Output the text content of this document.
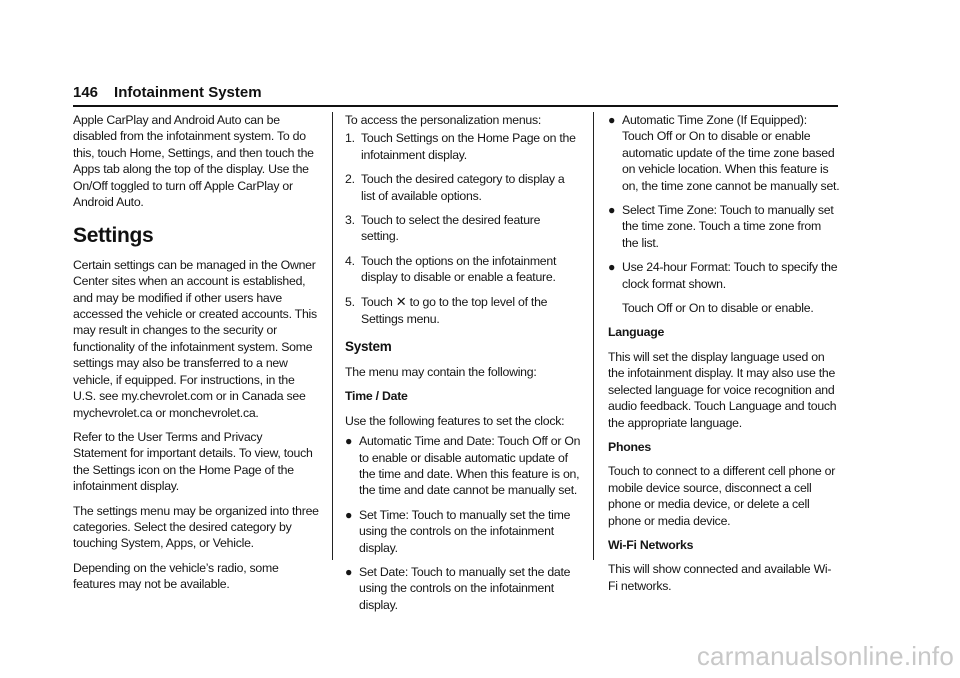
146 Infotainment System

Apple CarPlay and Android Auto can be disabled from the infotainment system. To do this, touch Home, Settings, and then touch the Apps tab along the top of the display. Use the On/Off toggled to turn off Apple CarPlay or Android Auto.

Settings

Certain settings can be managed in the Owner Center sites when an account is established, and may be modified if other users have accessed the vehicle or created accounts. This may result in changes to the security or functionality of the infotainment system. Some settings may also be transferred to a new vehicle, if equipped. For instructions, in the U.S. see my.chevrolet.com or in Canada see mychevrolet.ca or monchevrolet.ca.

Refer to the User Terms and Privacy Statement for important details. To view, touch the Settings icon on the Home Page of the infotainment display.

The settings menu may be organized into three categories. Select the desired category by touching System, Apps, or Vehicle.

Depending on the vehicle’s radio, some features may not be available.

To access the personalization menus:

1. Touch Settings on the Home Page on the infotainment display.
2. Touch the desired category to display a list of available options.
3. Touch to select the desired feature setting.
4. Touch the options on the infotainment display to disable or enable a feature.
5. Touch ✕ to go to the top level of the Settings menu.
System

The menu may contain the following:

Time / Date

Use the following features to set the clock:

● Automatic Time and Date: Touch Off or On to enable or disable automatic update of the time and date. When this feature is on, the time and date cannot be manually set.
● Set Time: Touch to manually set the time using the controls on the infotainment display.
● Set Date: Touch to manually set the date using the controls on the infotainment display.
● Automatic Time Zone (If Equipped): Touch Off or On to disable or enable automatic update of the time zone based on vehicle location. When this feature is on, the time zone cannot be manually set.
● Select Time Zone: Touch to manually set the time zone. Touch a time zone from the list.
● Use 24-hour Format: Touch to specify the clock format shown.

Touch Off or On to disable or enable.

Language

This will set the display language used on the infotainment display. It may also use the selected language for voice recognition and audio feedback. Touch Language and touch the appropriate language.

Phones

Touch to connect to a different cell phone or mobile device source, disconnect a cell phone or media device, or delete a cell phone or media device.

Wi-Fi Networks

This will show connected and available Wi-Fi networks.

carmanualsonline.info
